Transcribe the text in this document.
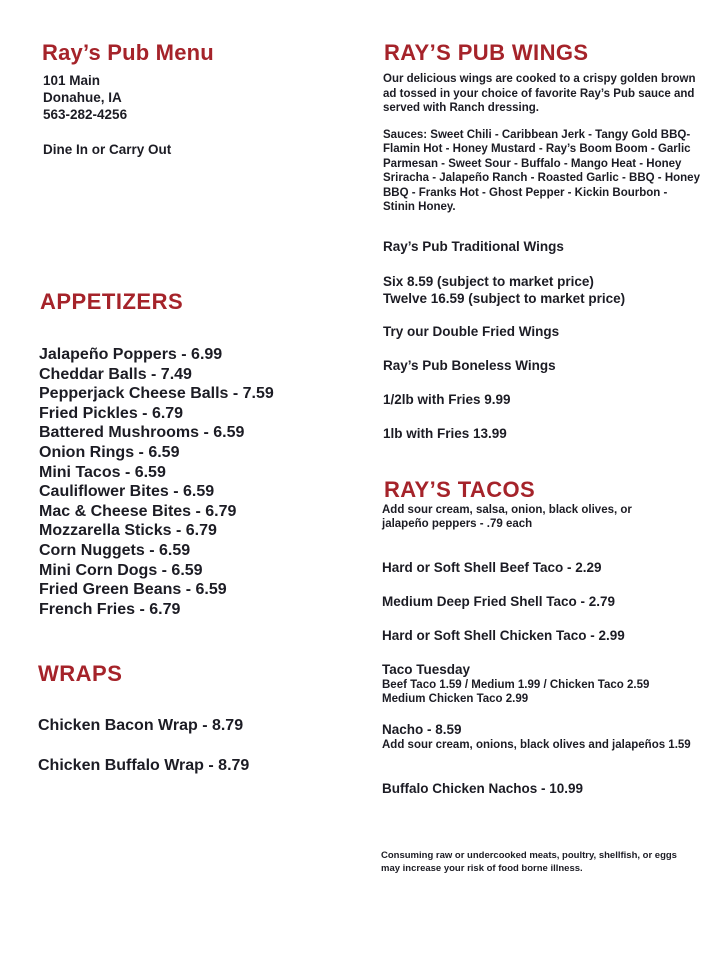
Ray’s Pub Menu
101 Main
Donahue, IA
563-282-4256
Dine In or Carry Out
APPETIZERS
Jalapeño Poppers - 6.99
Cheddar Balls - 7.49
Pepperjack Cheese Balls - 7.59
Fried Pickles - 6.79
Battered Mushrooms - 6.59
Onion Rings - 6.59
Mini Tacos - 6.59
Cauliflower Bites - 6.59
Mac & Cheese Bites - 6.79
Mozzarella Sticks - 6.79
Corn Nuggets - 6.59
Mini Corn Dogs - 6.59
Fried Green Beans - 6.59
French Fries - 6.79
WRAPS
Chicken Bacon Wrap - 8.79
Chicken Buffalo Wrap - 8.79
RAY’S PUB WINGS
Our delicious wings are cooked to a crispy golden brown ad tossed in your choice of favorite Ray’s Pub sauce and served with Ranch dressing.
Sauces: Sweet Chili - Caribbean Jerk - Tangy Gold BBQ- Flamin Hot - Honey Mustard - Ray’s Boom Boom - Garlic Parmesan - Sweet Sour - Buffalo - Mango Heat - Honey Sriracha - Jalapeño Ranch - Roasted Garlic - BBQ - Honey BBQ - Franks Hot - Ghost Pepper - Kickin Bourbon - Stinin Honey.
Ray’s Pub Traditional Wings
Six 8.59 (subject to market price)
Twelve 16.59 (subject to market price)
Try our Double Fried Wings
Ray’s Pub Boneless Wings
1/2lb with Fries 9.99
1lb with Fries 13.99
RAY’S TACOS
Add sour cream, salsa, onion, black olives, or jalapeño peppers - .79 each
Hard or Soft Shell Beef Taco - 2.29
Medium Deep Fried Shell Taco - 2.79
Hard or Soft Shell Chicken Taco - 2.99
Taco Tuesday
Beef Taco 1.59 / Medium 1.99 / Chicken Taco 2.59
Medium Chicken Taco 2.99
Nacho - 8.59
Add sour cream, onions, black olives and jalapeños 1.59
Buffalo Chicken Nachos - 10.99
Consuming raw or undercooked meats, poultry, shellfish, or eggs may increase your risk of food borne illness.
